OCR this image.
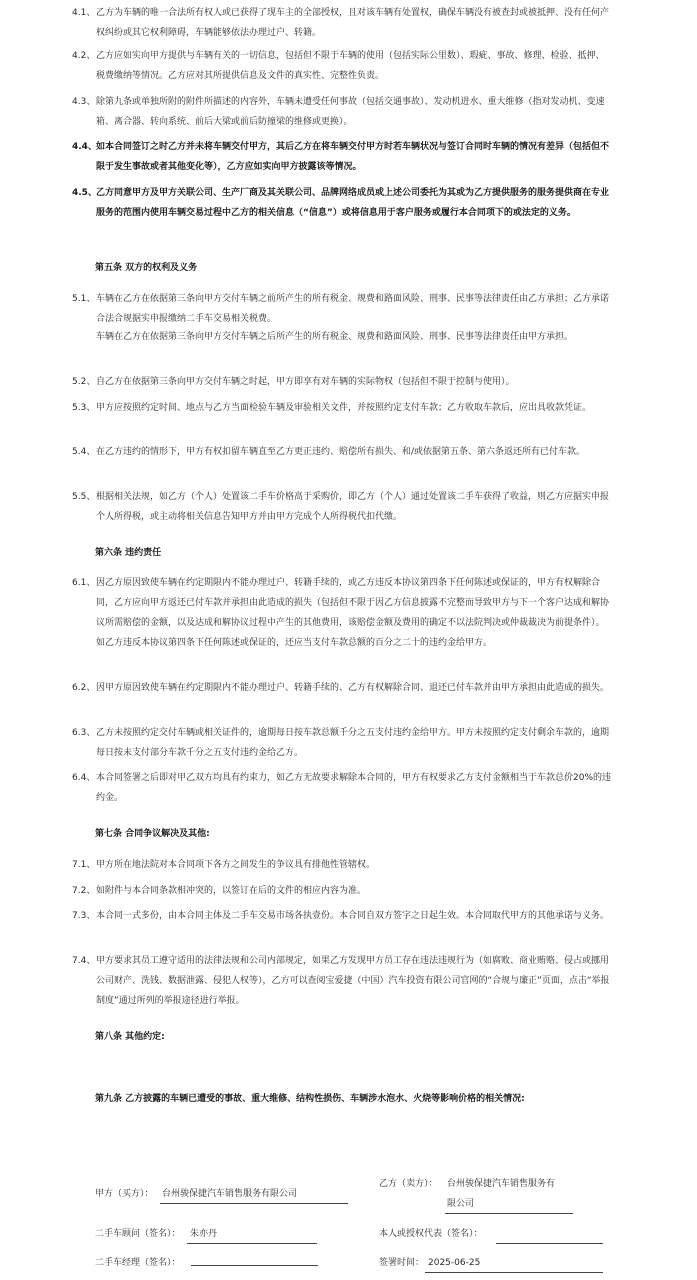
4.1、 乙方为车辆的唯一合法所有权人或已获得了现车主的全部授权，且对该车辆有处置权，确保车辆没有被查封或被抵押、没有任何产权纠纷或其它权利障碍，车辆能够依法办理过户、转籍。
4.2、 乙方应如实向甲方提供与车辆有关的一切信息，包括但不限于车辆的使用（包括实际公里数）、瑕疵、事故、修理、检验、抵押、税费缴纳等情况。乙方应对其所提供信息及文件的真实性、完整性负责。
4.3、 除第九条或单独所附的附件所描述的内容外，车辆未遭受任何事故（包括交通事故）、发动机进水、重大维修（指对发动机、变速箱、离合器、转向系统、前后大梁或前后防撞梁的维修或更换）。
4.4、 如本合同签订之时乙方并未将车辆交付甲方，其后乙方在将车辆交付甲方时若车辆状况与签订合同时车辆的情况有差异（包括但不限于发生事故或者其他变化等），乙方应如实向甲方披露该等情况。
4.5、 乙方同意甲方及甲方关联公司、生产厂商及其关联公司、品牌网络成员或上述公司委托为其或为乙方提供服务的服务提供商在专业服务的范围内使用车辆交易过程中乙方的相关信息（“信息”）或将信息用于客户服务或履行本合同项下的或法定的义务。
第五条 双方的权利及义务
5.1、 车辆在乙方在依据第三条向甲方交付车辆之前所产生的所有税金、规费和路面风险、刑事、民事等法律责任由乙方承担；乙方承诺合法合规据实申报缴纳二手车交易相关税费。
车辆在乙方在依据第三条向甲方交付车辆之后所产生的所有税金、规费和路面风险、刑事、民事等法律责任由甲方承担。
5.2、 自乙方在依据第三条向甲方交付车辆之时起，甲方即享有对车辆的实际物权（包括但不限于控制与使用）。
5.3、 甲方应按照约定时间、地点与乙方当面检验车辆及审验相关文件，并按照约定支付车款；乙方收取车款后，应出具收款凭证。
5.4、 在乙方违约的情形下，甲方有权扣留车辆直至乙方更正违约、赔偿所有损失、和/或依据第五条、第六条返还所有已付车款。
5.5、 根据相关法规，如乙方（个人）处置该二手车价格高于采购价，即乙方（个人）通过处置该二手车获得了收益，则乙方应据实申报个人所得税，或主动将相关信息告知甲方并由甲方完成个人所得税代扣代缴。
第六条 违约责任
6.1、 因乙方原因致使车辆在约定期限内不能办理过户、转籍手续的，或乙方违反本协议第四条下任何陈述或保证的，甲方有权解除合同，乙方应向甲方返还已付车款并承担由此造成的损失（包括但不限于因乙方信息披露不完整而导致甲方与下一个客户达成和解协议所需赔偿的金额，以及达成和解协议过程中产生的其他费用，该赔偿金额及费用的确定不以法院判决或仲裁裁决为前提条件）。如乙方违反本协议第四条下任何陈述或保证的，还应当支付车款总额的百分之二十的违约金给甲方。
6.2、 因甲方原因致使车辆在约定期限内不能办理过户、转籍手续的、乙方有权解除合同、退还已付车款并由甲方承担由此造成的损失。
6.3、 乙方未按照约定交付车辆或相关证件的，逾期每日按车款总额千分之五支付违约金给甲方。甲方未按照约定支付剩余车款的，逾期每日按未支付部分车款千分之五支付违约金给乙方。
6.4、 本合同签署之后即对甲乙双方均具有约束力，如乙方无故要求解除本合同的，甲方有权要求乙方支付金额相当于车款总价20%的违约金。
第七条 合同争议解决及其他:
7.1、 甲方所在地法院对本合同项下各方之间发生的争议具有排他性管辖权。
7.2、 如附件与本合同条款相冲突的，以签订在后的文件的相应内容为准。
7.3、 本合同一式多份，由本合同主体及二手车交易市场各执壹份。本合同自双方签字之日起生效。本合同取代甲方的其他承诺与义务。
7.4、 甲方要求其员工遵守适用的法律法规和公司内部规定，如果乙方发现甲方员工存在违法违规行为（如腐败、商业贿赂、侵占或挪用公司财产、洗钱、数据泄露、侵犯人权等），乙方可以查阅宝爱捷（中国）汽车投资有限公司官网的“合规与廉正”页面，点击“举报制度”通过所列的举报途径进行举报。
第八条 其他约定:
第九条 乙方披露的车辆已遭受的事故、重大维修、结构性损伤、车辆涉水泡水、火烧等影响价格的相关情况:
甲方（买方）： 台州骏保捷汽车销售服务有限公司
乙方（卖方）： 台州骏保捷汽车销售服务有
限公司
二手车顾问（签名）： 朱亦丹	本人或授权代表（签名）：
二手车经理（签名）：	签署时间： 2025-06-25
